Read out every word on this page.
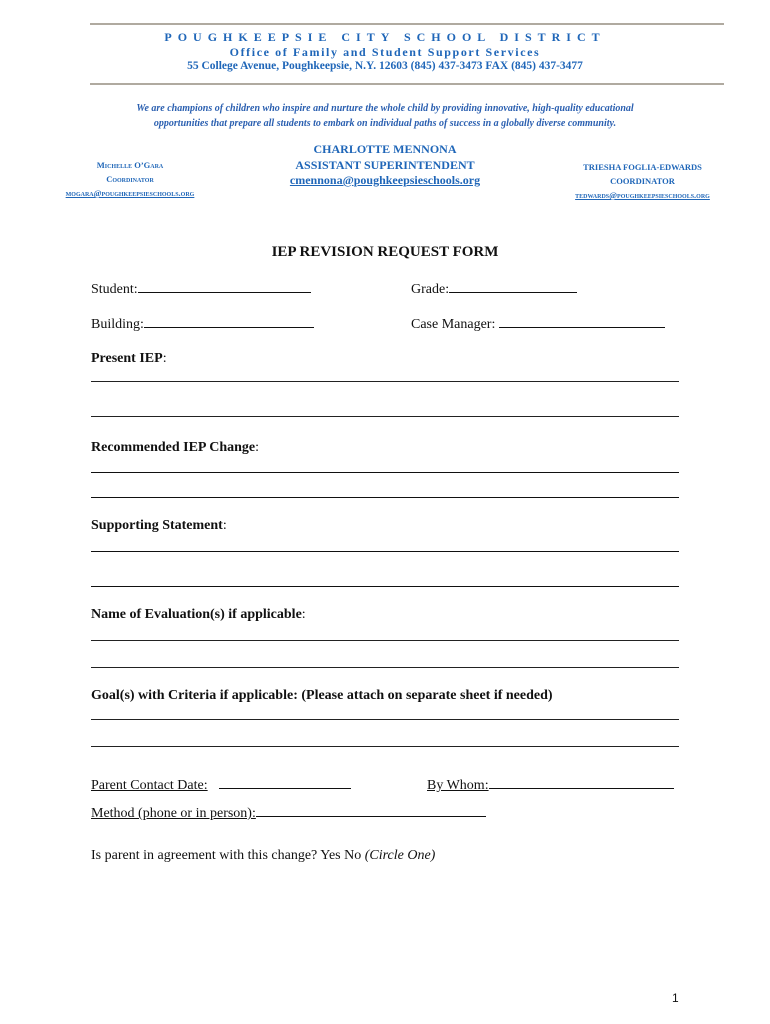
POUGHKEEPSIE CITY SCHOOL DISTRICT
Office of Family and Student Support Services
55 College Avenue, Poughkeepsie, N.Y. 12603 (845) 437-3473 FAX (845) 437-3477
We are champions of children who inspire and nurture the whole child by providing innovative, high-quality educational
opportunities that prepare all students to embark on individual paths of success in a globally diverse community.
Michelle O’Gara
Coordinator
mogara@poughkeepsieschools.org
CHARLOTTE MENNONA
ASSISTANT SUPERINTENDENT
cmennona@poughkeepsieschools.org
TRIESHA FOGLIA-EDWARDS
COORDINATOR
tedwards@poughkeepsieschools.org
IEP REVISION REQUEST FORM
Student:	Grade:
Building:	Case Manager:
Present IEP:
Recommended IEP Change:
Supporting Statement:
Name of Evaluation(s) if applicable:
Goal(s) with Criteria if applicable: (Please attach on separate sheet if needed)
Parent Contact Date:	By Whom:
Method (phone or in person):
Is parent in agreement with this change? Yes No (Circle One)
1
